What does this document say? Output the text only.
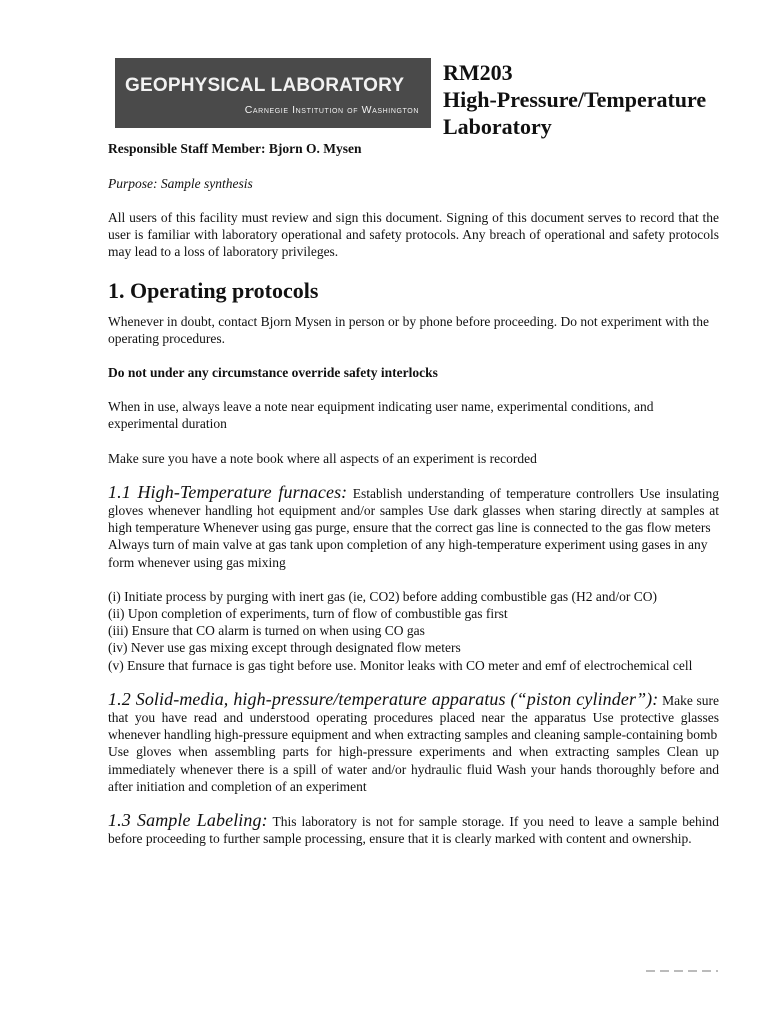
GEOPHYSICAL LABORATORY
Carnegie Institution of Washington
RM203
High-Pressure/Temperature
Laboratory
Responsible Staff Member: Bjorn O. Mysen
Purpose: Sample synthesis

All users of this facility must review and sign this document. Signing of this document serves to record that the user is familiar with laboratory operational and safety protocols. Any breach of operational and safety protocols may lead to a loss of laboratory privileges.

1. Operating protocols

Whenever in doubt, contact Bjorn Mysen in person or by phone before proceeding. Do not experiment with the operating procedures.

Do not under any circumstance override safety interlocks

When in use, always leave a note near equipment indicating user name, experimental conditions, and experimental duration

Make sure you have a note book where all aspects of an experiment is recorded

1.1 High-Temperature furnaces: Establish understanding of temperature controllers Use insulating gloves whenever handling hot equipment and/or samples Use dark glasses when staring directly at samples at high temperature Whenever using gas purge, ensure that the correct gas line is connected to the gas flow meters

Always turn of main valve at gas tank upon completion of any high-temperature experiment using gases in any form whenever using gas mixing

(i) Initiate process by purging with inert gas (ie, CO2) before adding combustible gas (H2 and/or CO)
(ii) Upon completion of experiments, turn of flow of combustible gas first
(iii) Ensure that CO alarm is turned on when using CO gas
(iv) Never use gas mixing except through designated flow meters
(v) Ensure that furnace is gas tight before use. Monitor leaks with CO meter and emf of electrochemical cell

1.2 Solid-media, high-pressure/temperature apparatus (“piston cylinder”): Make sure that you have read and understood operating procedures placed near the apparatus Use protective glasses whenever handling high-pressure equipment and when extracting samples and cleaning sample-containing bomb

Use gloves when assembling parts for high-pressure experiments and when extracting samples Clean up immediately whenever there is a spill of water and/or hydraulic fluid Wash your hands thoroughly before and after initiation and completion of an experiment

1.3 Sample Labeling: This laboratory is not for sample storage. If you need to leave a sample behind before proceeding to further sample processing, ensure that it is clearly marked with content and ownership.
